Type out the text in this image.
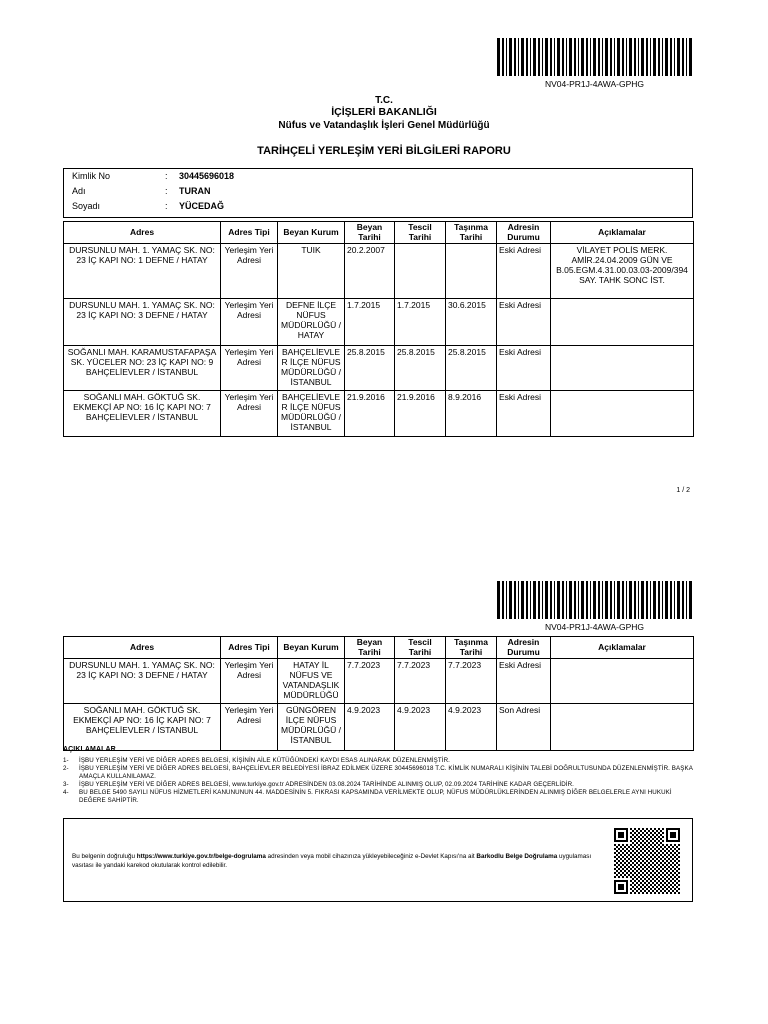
NV04-PR1J-4AWA-GPHG
T.C.
İÇİŞLERİ BAKANLIĞI
Nüfus ve Vatandaşlık İşleri Genel Müdürlüğü
TARİHÇELİ YERLEŞİM YERİ BİLGİLERİ RAPORU
Kimlik No	: 30445696018
Adı	: TURAN
Soyadı	: YÜCEDAĞ
Adres	Adres Tipi	Beyan Kurum	Beyan Tarihi	Tescil Tarihi	Taşınma Tarihi	Adresin Durumu	Açıklamalar
DURSUNLU MAH. 1. YAMAÇ SK. NO: 23 İÇ KAPI NO: 1 DEFNE / HATAY	Yerleşim Yeri Adresi	TUIK	20.2.2007			Eski Adresi	VİLAYET POLİS MERK. AMİR.24.04.2009 GÜN VE B.05.EGM.4.31.00.03.03-2009/394 SAY. TAHK SONC İST.
DURSUNLU MAH. 1. YAMAÇ SK. NO: 23 İÇ KAPI NO: 3 DEFNE / HATAY	Yerleşim Yeri Adresi	DEFNE İLÇE NÜFUS MÜDÜRLÜĞÜ / HATAY	1.7.2015	1.7.2015	30.6.2015	Eski Adresi	
SOĞANLI MAH. KARAMUSTAFAPAŞA SK. YÜCELER NO: 23 İÇ KAPI NO: 9 BAHÇELİEVLER / İSTANBUL	Yerleşim Yeri Adresi	BAHÇELİEVLE R İLÇE NÜFUS MÜDÜRLÜĞÜ / İSTANBUL	25.8.2015	25.8.2015	25.8.2015	Eski Adresi	
SOĞANLI MAH. GÖKTUĞ SK. EKMEKÇİ AP NO: 16 İÇ KAPI NO: 7 BAHÇELİEVLER / İSTANBUL	Yerleşim Yeri Adresi	BAHÇELİEVLE R İLÇE NÜFUS MÜDÜRLÜĞÜ / İSTANBUL	21.9.2016	21.9.2016	8.9.2016	Eski Adresi	
1 / 2
NV04-PR1J-4AWA-GPHG
Adres	Adres Tipi	Beyan Kurum	Beyan Tarihi	Tescil Tarihi	Taşınma Tarihi	Adresin Durumu	Açıklamalar
DURSUNLU MAH. 1. YAMAÇ SK. NO: 23 İÇ KAPI NO: 3 DEFNE / HATAY	Yerleşim Yeri Adresi	HATAY İL NÜFUS VE VATANDAŞLIK MÜDÜRLÜĞÜ	7.7.2023	7.7.2023	7.7.2023	Eski Adresi	
SOĞANLI MAH. GÖKTUĞ SK. EKMEKÇİ AP NO: 16 İÇ KAPI NO: 7 BAHÇELİEVLER / İSTANBUL	Yerleşim Yeri Adresi	GÜNGÖREN İLÇE NÜFUS MÜDÜRLÜĞÜ / İSTANBUL	4.9.2023	4.9.2023	4.9.2023	Son Adresi	
AÇIKLAMALAR
1- İŞBU YERLEŞİM YERİ VE DİĞER ADRES BELGESİ, KİŞİNİN AİLE KÜTÜĞÜNDEKİ KAYDI ESAS ALINARAK DÜZENLENMİŞTİR.
2- İŞBU YERLEŞİM YERİ VE DİĞER ADRES BELGESİ, BAHÇELİEVLER BELEDİYESİ İBRAZ EDİLMEK ÜZERE 30445696018 T.C. KİMLİK NUMARALI KİŞİNİN TALEBİ DOĞRULTUSUNDA DÜZENLENMİŞTİR. BAŞKA AMAÇLA KULLANILAMAZ.
3- İŞBU YERLEŞİM YERİ VE DİĞER ADRES BELGESİ, www.turkiye.gov.tr ADRESİNDEN 03.08.2024 TARİHİNDE ALINMIŞ OLUP, 02.09.2024 TARİHİNE KADAR GEÇERLİDİR.
4- BU BELGE 5490 SAYILI NÜFUS HİZMETLERİ KANUNUNUN 44. MADDESİNİN 5. FIKRASI KAPSAMINDA VERİLMEKTE OLUP, NÜFUS MÜDÜRLÜKLERİNDEN ALINMIŞ DİĞER BELGELERLE AYNI HUKUKİ DEĞERE SAHİPTİR.
Bu belgenin doğruluğu https://www.turkiye.gov.tr/belge-dogrulama adresinden veya mobil cihazınıza yükleyebileceğiniz e-Devlet Kapısı'na ait Barkodlu Belge Doğrulama uygulaması vasıtası ile yandaki karekod okutularak kontrol edilebilir.
